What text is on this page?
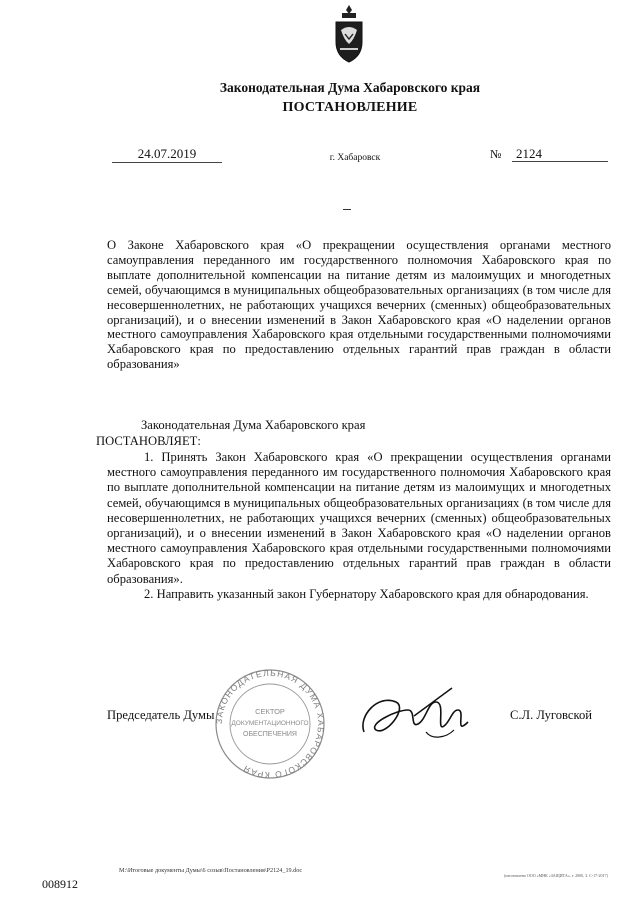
Законодательная Дума Хабаровского края
ПОСТАНОВЛЕНИЕ
24.07.2019	г. Хабаровск	№	2124
О Законе Хабаровского края «О прекращении осуществления органами местного самоуправления переданного им государственного полномочия Хабаровского края по выплате дополнительной компенсации на питание детям из малоимущих и многодетных семей, обучающимся в муниципальных общеобразовательных организациях (в том числе для несовершеннолетних, не работающих учащихся вечерних (сменных) общеобразовательных организаций), и о внесении изменений в Закон Хабаровского края «О наделении органов местного самоуправления Хабаровского края отдельными государственными полномочиями Хабаровского края по предоставлению отдельных гарантий прав граждан в области образования»
Законодательная Дума Хабаровского края
ПОСТАНОВЛЯЕТ:

1. Принять Закон Хабаровского края «О прекращении осуществления органами местного самоуправления переданного им государственного полномочия Хабаровского края по выплате дополнительной компенсации на питание детям из малоимущих и многодетных семей, обучающимся в муниципальных общеобразовательных организациях (в том числе для несовершеннолетних, не работающих учащихся вечерних (сменных) общеобразовательных организаций), и о внесении изменений в Закон Хабаровского края «О наделении органов местного самоуправления Хабаровского края отдельными государственными полномочиями Хабаровского края по предоставлению отдельных гарантий прав граждан в области образования».

2. Направить указанный закон Губернатору Хабаровского края для обнародования.

Председатель Думы	С.Л. Луговской
ЗАКОНОДАТЕЛЬНАЯ ДУМА ХАБАРОВСКОГО КРАЯ
СЕКТОР
ДОКУМЕНТАЦИОННОГО
ОБЕСПЕЧЕНИЯ
М:\Итоговые документы Думы\6 созыв\Постановления\Р2124_19.doc
008912
(изготовлено ООО «МНК «ЗАЩИТА», т. 2000, 3. С-17-2017)
